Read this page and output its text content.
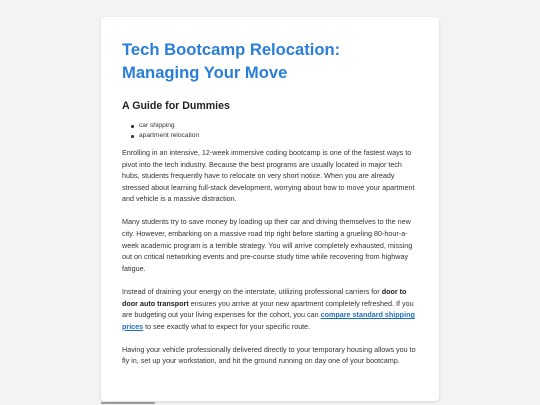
Tech Bootcamp Relocation: Managing Your Move
A Guide for Dummies
car shipping
apartment relocation

Enrolling in an intensive, 12-week immersive coding bootcamp is one of the fastest ways to pivot into the tech industry. Because the best programs are usually located in major tech hubs, students frequently have to relocate on very short notice. When you are already stressed about learning full-stack development, worrying about how to move your apartment and vehicle is a massive distraction.

Many students try to save money by loading up their car and driving themselves to the new city. However, embarking on a massive road trip right before starting a grueling 80-hour-a-week academic program is a terrible strategy. You will arrive completely exhausted, missing out on critical networking events and pre-course study time while recovering from highway fatigue.

Instead of draining your energy on the interstate, utilizing professional carriers for door to door auto transport ensures you arrive at your new apartment completely refreshed. If you are budgeting out your living expenses for the cohort, you can compare standard shipping prices to see exactly what to expect for your specific route.

Having your vehicle professionally delivered directly to your temporary housing allows you to fly in, set up your workstation, and hit the ground running on day one of your bootcamp.
